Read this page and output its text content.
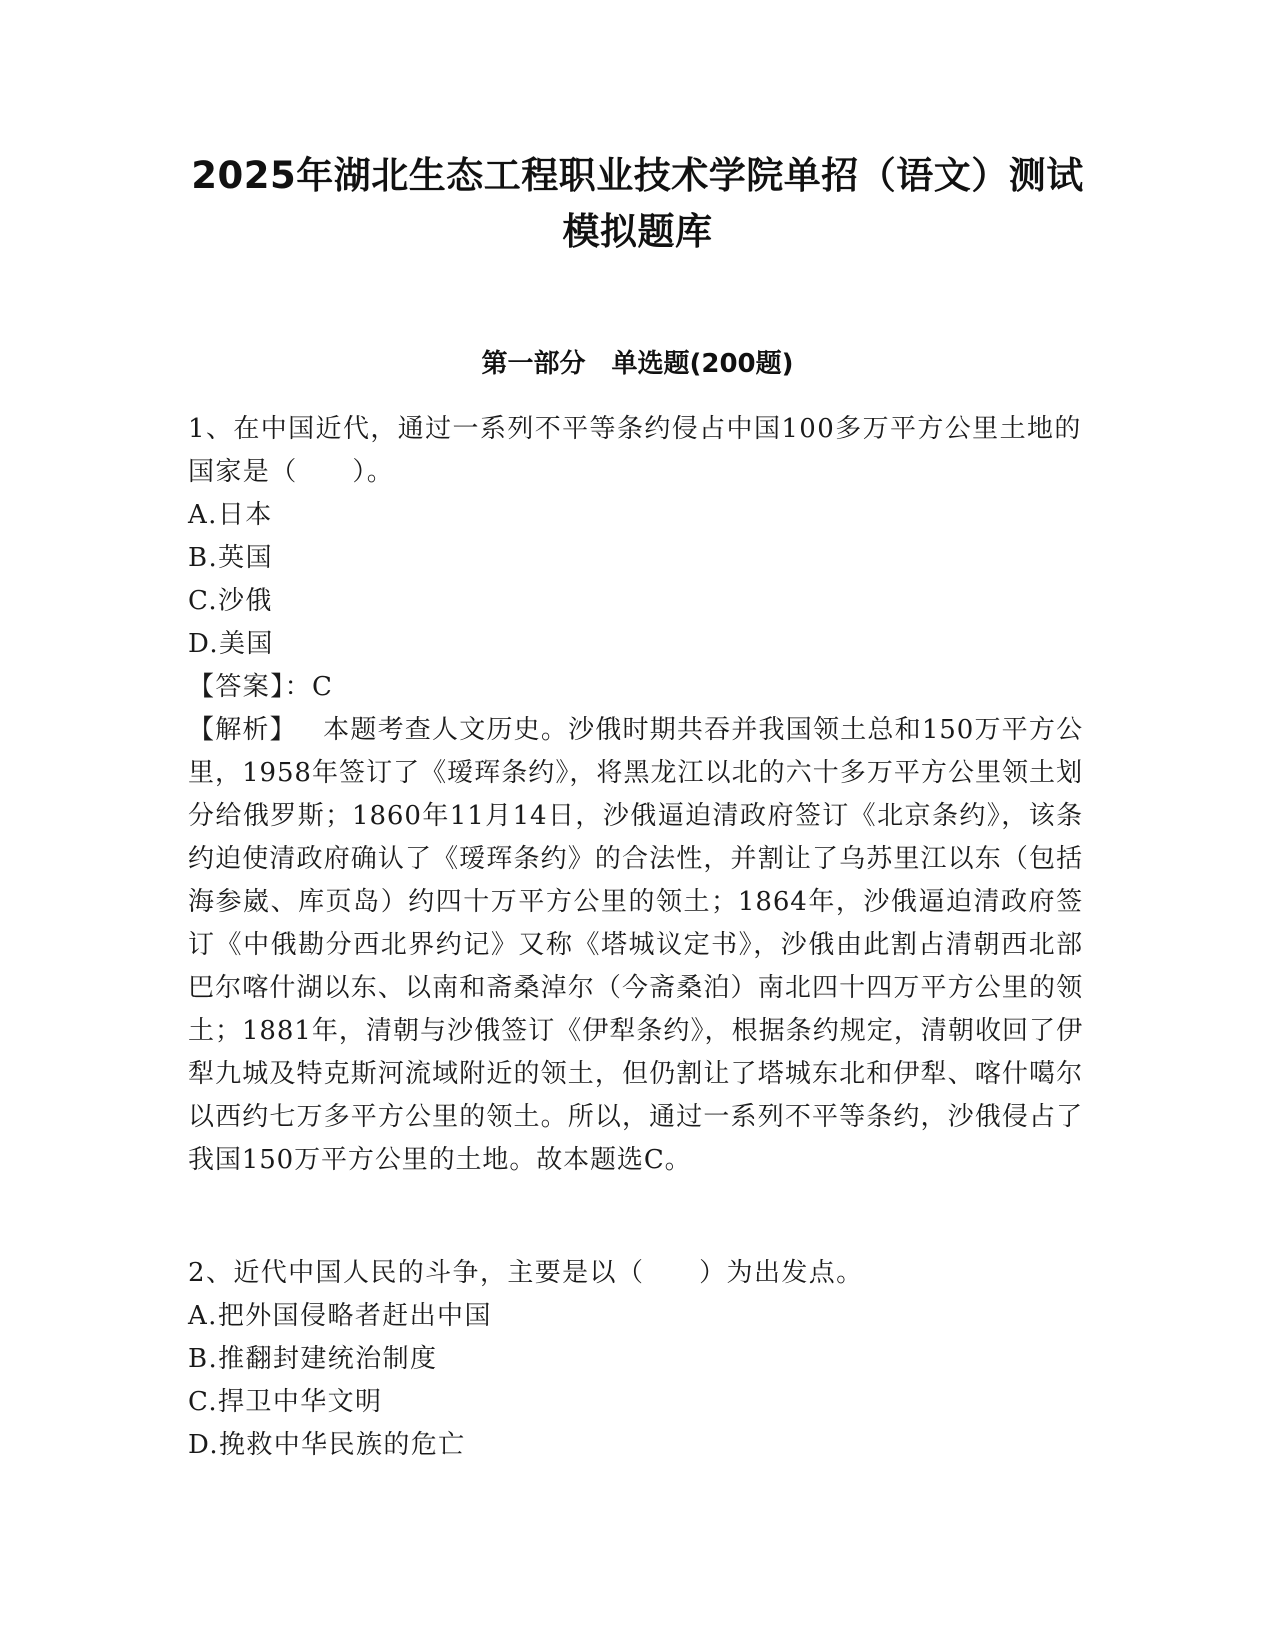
2025年湖北生态工程职业技术学院单招（语文）测试
模拟题库
第一部分　单选题(200题)

1、在中国近代，通过一系列不平等条约侵占中国100多万平方公里土地的国家是（　　）。

A.日本

B.英国

C.沙俄

D.美国

【答案】：C

【解析】 本题考查人文历史。沙俄时期共吞并我国领土总和150万平方公里，1958年签订了《瑷珲条约》，将黑龙江以北的六十多万平方公里领土划分给俄罗斯；1860年11月14日，沙俄逼迫清政府签订《北京条约》，该条约迫使清政府确认了《瑷珲条约》的合法性，并割让了乌苏里江以东（包括海参崴、库页岛）约四十万平方公里的领土；1864年，沙俄逼迫清政府签订《中俄勘分西北界约记》又称《塔城议定书》，沙俄由此割占清朝西北部巴尔喀什湖以东、以南和斋桑淖尔（今斋桑泊）南北四十四万平方公里的领土；1881年，清朝与沙俄签订《伊犁条约》，根据条约规定，清朝收回了伊犁九城及特克斯河流域附近的领土，但仍割让了塔城东北和伊犁、喀什噶尔以西约七万多平方公里的领土。所以，通过一系列不平等条约，沙俄侵占了我国150万平方公里的土地。故本题选C。

2、近代中国人民的斗争，主要是以（　　）为出发点。

A.把外国侵略者赶出中国

B.推翻封建统治制度

C.捍卫中华文明

D.挽救中华民族的危亡
